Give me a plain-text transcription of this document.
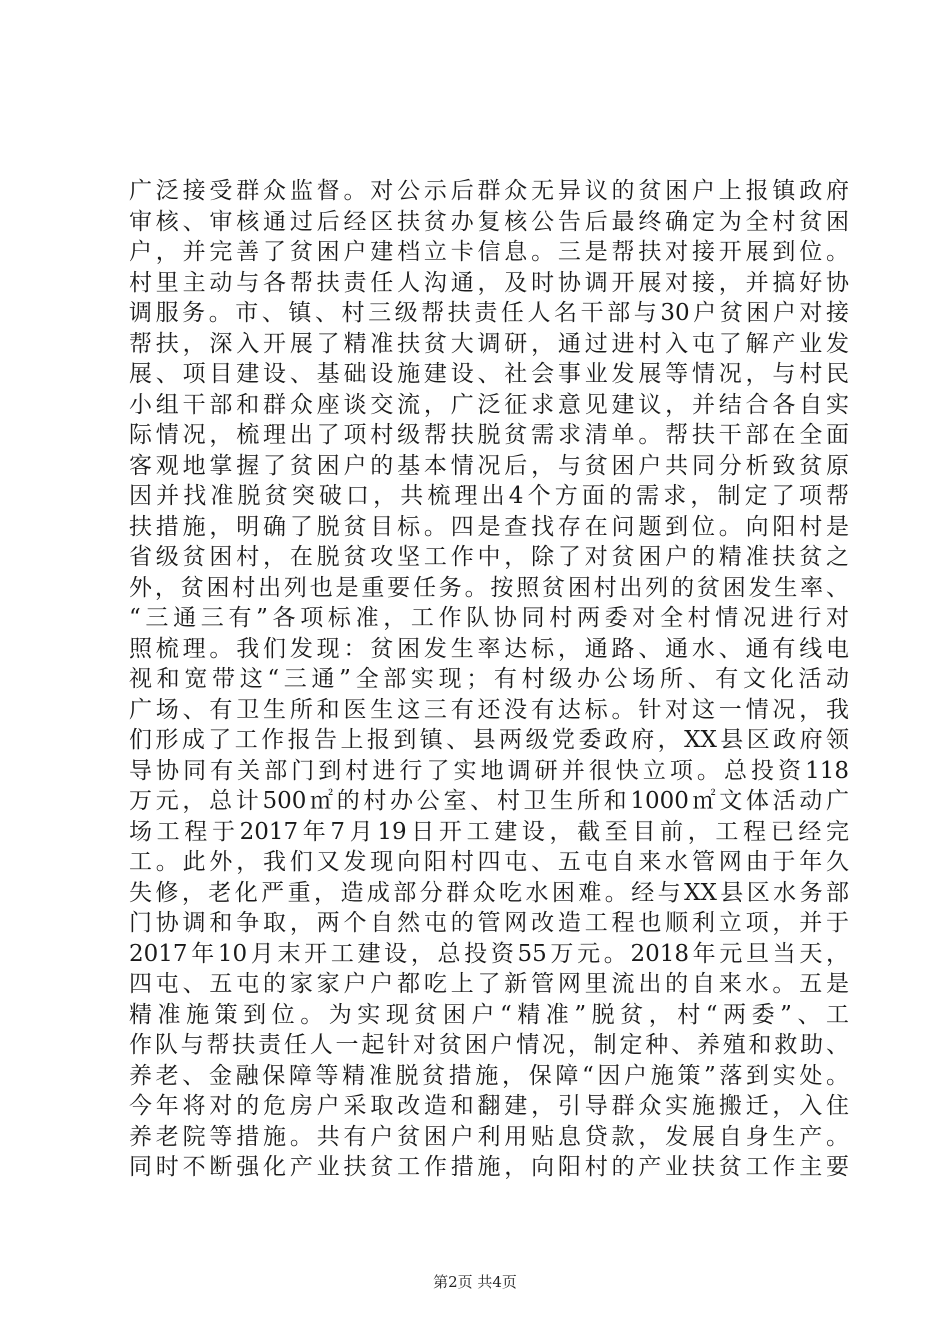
广泛接受群众监督。对公示后群众无异议的贫困户上报镇政府
审核、审核通过后经区扶贫办复核公告后最终确定为全村贫困
户，并完善了贫困户建档立卡信息。三是帮扶对接开展到位。
村里主动与各帮扶责任人沟通，及时协调开展对接，并搞好协
调服务。市、镇、村三级帮扶责任人名干部与30户贫困户对接
帮扶，深入开展了精准扶贫大调研，通过进村入屯了解产业发
展、项目建设、基础设施建设、社会事业发展等情况，与村民
小组干部和群众座谈交流，广泛征求意见建议，并结合各自实
际情况，梳理出了项村级帮扶脱贫需求清单。帮扶干部在全面
客观地掌握了贫困户的基本情况后，与贫困户共同分析致贫原
因并找准脱贫突破口，共梳理出4个方面的需求，制定了项帮
扶措施，明确了脱贫目标。四是查找存在问题到位。向阳村是
省级贫困村，在脱贫攻坚工作中，除了对贫困户的精准扶贫之
外，贫困村出列也是重要任务。按照贫困村出列的贫困发生率、
“三通三有”各项标准，工作队协同村两委对全村情况进行对
照梳理。我们发现：贫困发生率达标，通路、通水、通有线电
视和宽带这“三通”全部实现；有村级办公场所、有文化活动
广场、有卫生所和医生这三有还没有达标。针对这一情况，我
们形成了工作报告上报到镇、县两级党委政府，XX县区政府领
导协同有关部门到村进行了实地调研并很快立项。总投资118
万元，总计500㎡的村办公室、村卫生所和1000㎡文体活动广
场工程于2017年7月19日开工建设，截至目前，工程已经完
工。此外，我们又发现向阳村四屯、五屯自来水管网由于年久
失修，老化严重，造成部分群众吃水困难。经与XX县区水务部
门协调和争取，两个自然屯的管网改造工程也顺利立项，并于
2017年10月末开工建设，总投资55万元。2018年元旦当天，
四屯、五屯的家家户户都吃上了新管网里流出的自来水。五是
精准施策到位。为实现贫困户“精准”脱贫，村“两委”、工
作队与帮扶责任人一起针对贫困户情况，制定种、养殖和救助、
养老、金融保障等精准脱贫措施，保障“因户施策”落到实处。
今年将对的危房户采取改造和翻建，引导群众实施搬迁，入住
养老院等措施。共有户贫困户利用贴息贷款，发展自身生产。
同时不断强化产业扶贫工作措施，向阳村的产业扶贫工作主要
第2页 共4页
